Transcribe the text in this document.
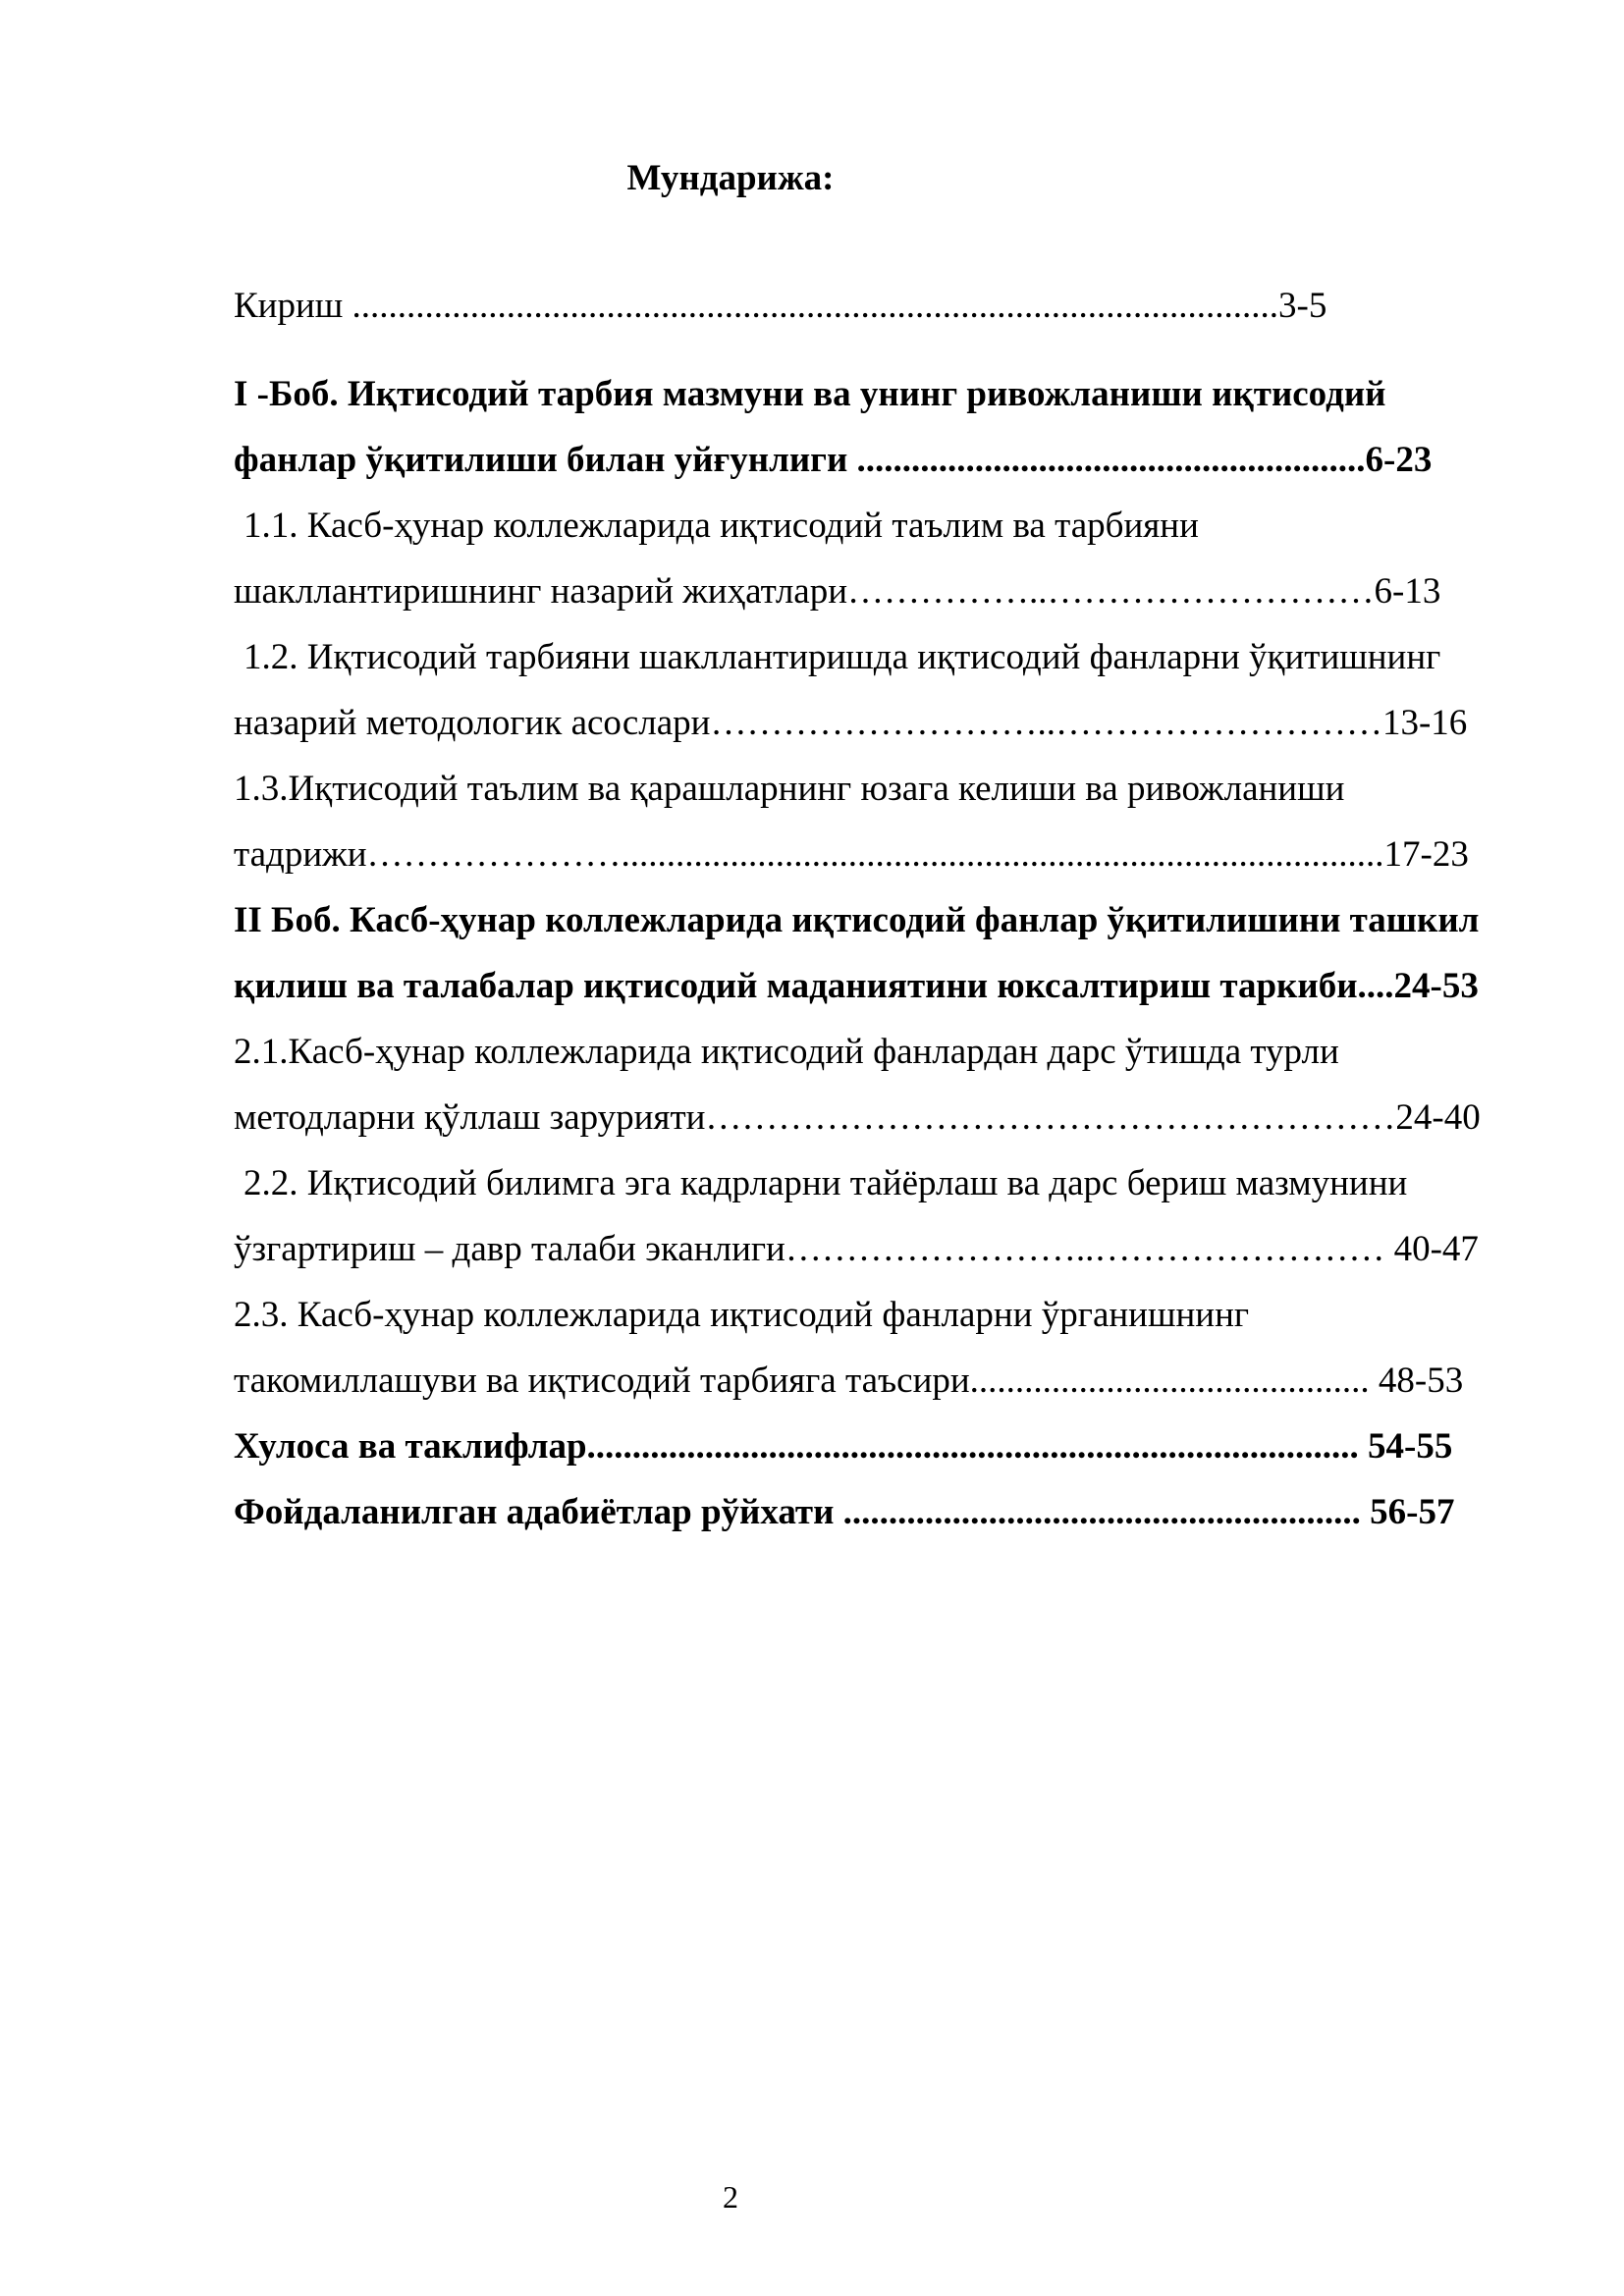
Мундарижа:
Кириш ......................................................................................................3-5
I -Боб. Иқтисодий тарбия мазмуни ва унинг ривожланиши иқтисодий
фанлар ўқитилиши билан уйғунлиги ........................................................6-23
1.1. Касб-ҳунар коллежларида иқтисодий таълим ва тарбияни
шакллантиришнинг назарий жиҳатлари……………..………………………6-13
1.2. Иқтисодий тарбияни шакллантиришда иқтисодий фанларни ўқитишнинг
назарий методологик асослари………………………..………………………13-16
1.3.Иқтисодий таълим ва қарашларнинг юзага келиши ва ривожланиши
тадрижи…………………....................................................................................17-23
II Боб. Касб-ҳунар коллежларида иқтисодий фанлар ўқитилишини ташкил
қилиш ва талабалар иқтисодий маданиятини юксалтириш таркиби....24-53
2.1.Касб-ҳунар коллежларида иқтисодий фанлардан дарс ўтишда турли
методларни қўллаш зарурияти…………………………………………………24-40
2.2. Иқтисодий билимга эга кадрларни тайёрлаш ва дарс бериш мазмунини
ўзгартириш – давр талаби эканлиги……………………..…………………… 40-47
2.3. Касб-ҳунар коллежларида иқтисодий фанларни ўрганишнинг
такомиллашуви ва иқтисодий тарбияга таъсири............................................ 48-53
Хулоса ва таклифлар..................................................................................... 54-55
Фойдаланилган адабиётлар рўйхати ......................................................... 56-57
2
